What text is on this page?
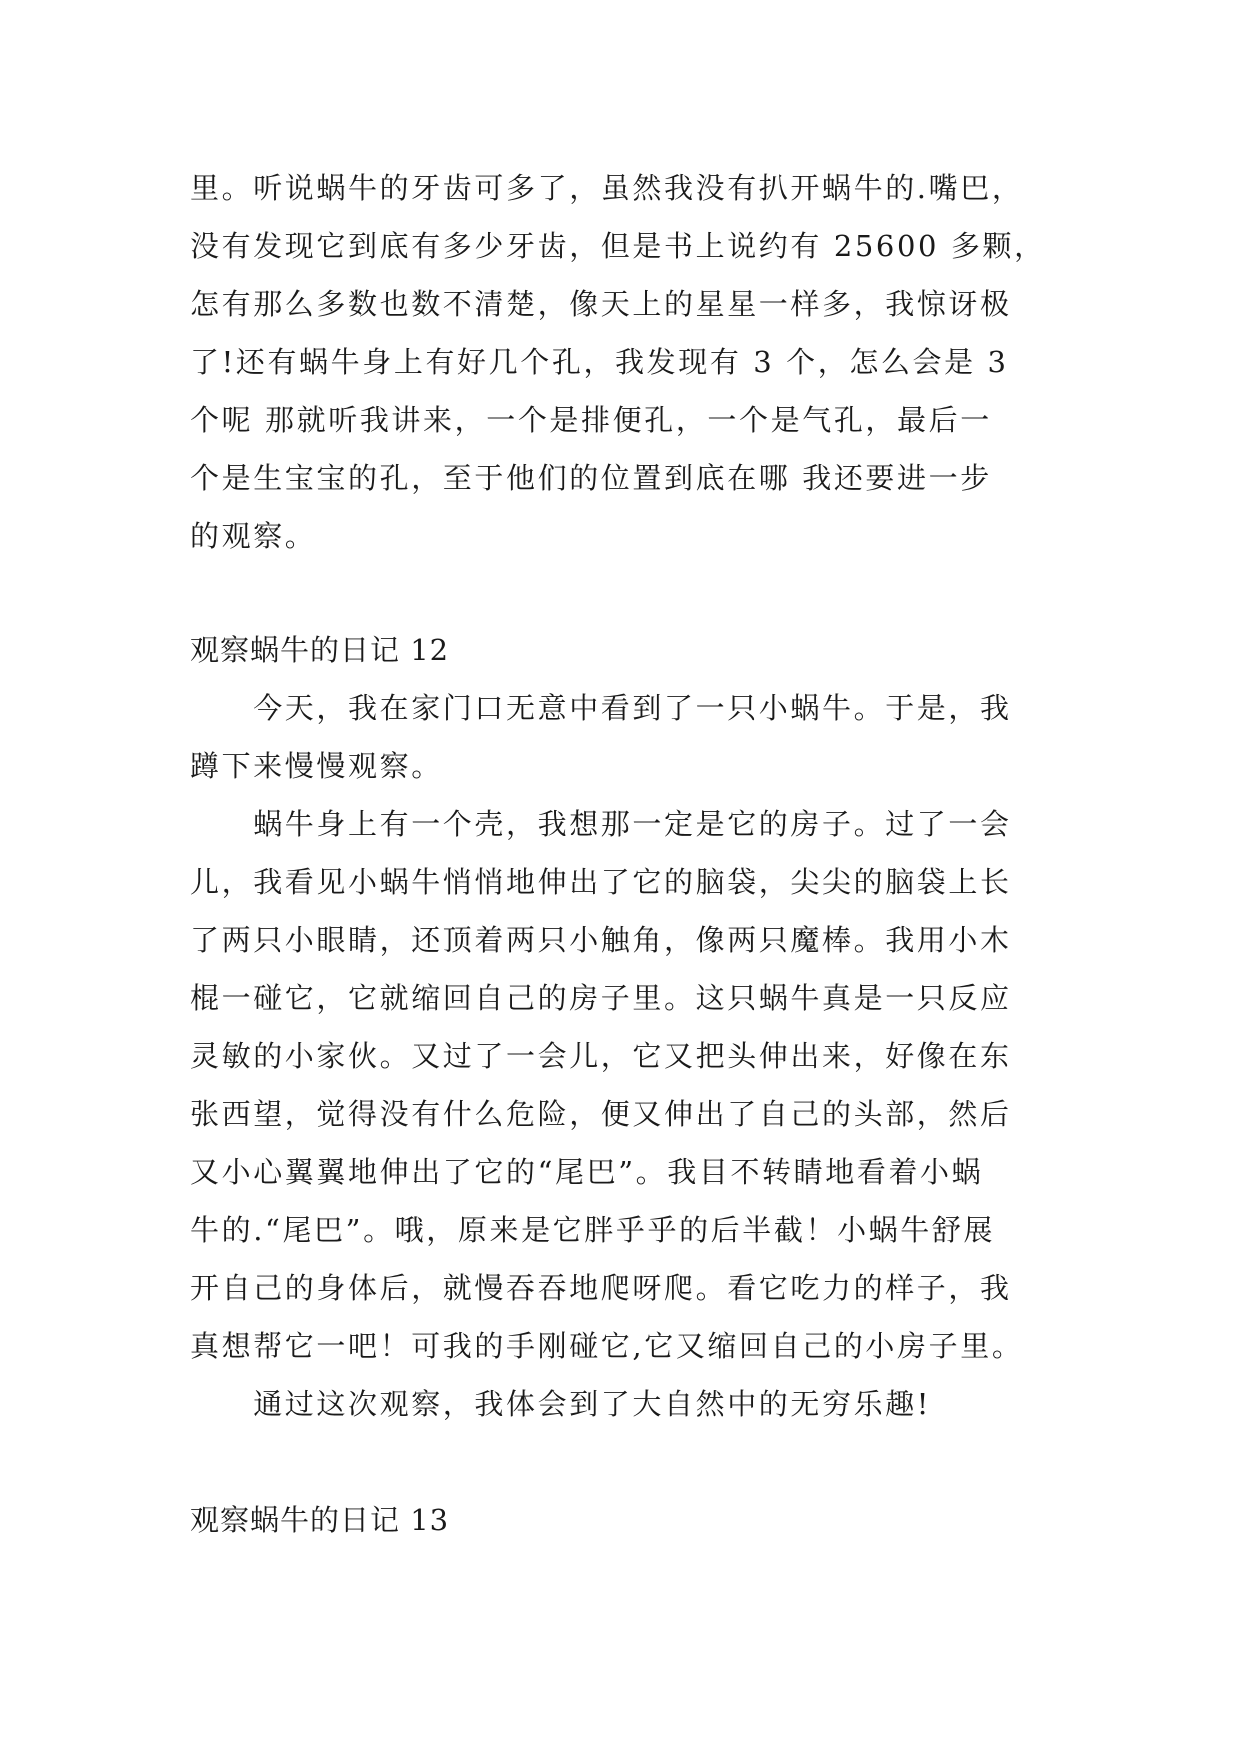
里。听说蜗牛的牙齿可多了，虽然我没有扒开蜗牛的.嘴巴，
没有发现它到底有多少牙齿，但是书上说约有 25600 多颗，
怎有那么多数也数不清楚，像天上的星星一样多，我惊讶极
了!还有蜗牛身上有好几个孔，我发现有 3 个，怎么会是 3
个呢 那就听我讲来，一个是排便孔，一个是气孔，最后一
个是生宝宝的孔，至于他们的位置到底在哪 我还要进一步
的观察。
观察蜗牛的日记 12
　　今天，我在家门口无意中看到了一只小蜗牛。于是，我
蹲下来慢慢观察。
　　蜗牛身上有一个壳，我想那一定是它的房子。过了一会
儿，我看见小蜗牛悄悄地伸出了它的脑袋，尖尖的脑袋上长
了两只小眼睛，还顶着两只小触角，像两只魔棒。我用小木
棍一碰它，它就缩回自己的房子里。这只蜗牛真是一只反应
灵敏的小家伙。又过了一会儿，它又把头伸出来，好像在东
张西望，觉得没有什么危险，便又伸出了自己的头部，然后
又小心翼翼地伸出了它的“尾巴”。我目不转睛地看着小蜗
牛的.“尾巴”。哦，原来是它胖乎乎的后半截！小蜗牛舒展
开自己的身体后，就慢吞吞地爬呀爬。看它吃力的样子，我
真想帮它一吧！可我的手刚碰它,它又缩回自己的小房子里。
　　通过这次观察，我体会到了大自然中的无穷乐趣!
观察蜗牛的日记 13
